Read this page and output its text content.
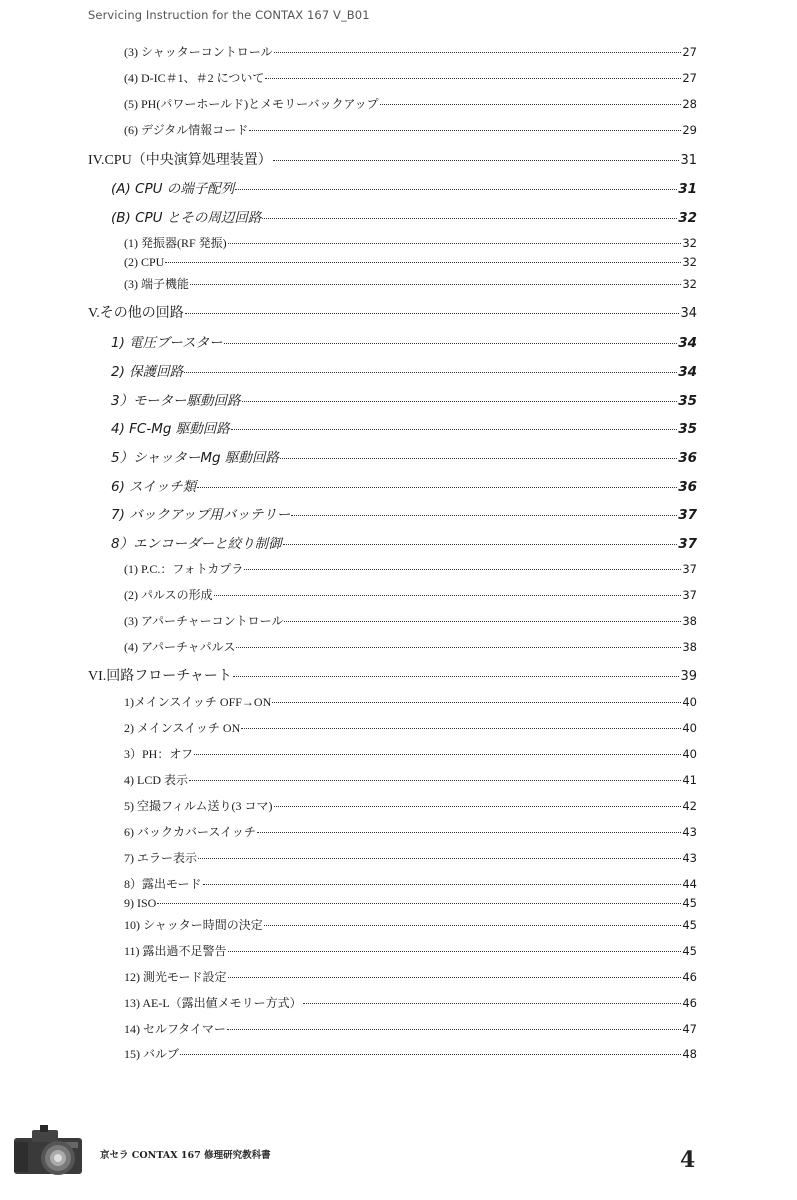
Servicing Instruction for the CONTAX 167 V_B01
(3) シャッターコントロール	27
(4) D-IC＃1、＃2 について	27
(5) PH(パワーホールド)とメモリーバックアップ	28
(6) デジタル情報コード	29
IV.CPU（中央演算処理装置）	31
(A) CPU の端子配列	31
(B) CPU とその周辺回路	32
(1) 発振器(RF 発振)	32
(2) CPU	32
(3) 端子機能	32
V.その他の回路	34
1) 電圧ブースター	34
2) 保護回路	34
3）モーター駆動回路	35
4) FC-Mg 駆動回路	35
5）シャッターMg 駆動回路	36
6) スイッチ類	36
7) バックアップ用バッテリー	37
8）エンコーダーと絞り制御	37
(1) P.C.：フォトカプラ	37
(2) パルスの形成	37
(3) アパーチャーコントロール	38
(4) アパーチャパルス	38
VI.回路フローチャート	39
1)メインスイッチ OFF→ON	40
2) メインスイッチ ON	40
3）PH：オフ	40
4) LCD 表示	41
5) 空撮フィルム送り(3 コマ)	42
6) バックカバースイッチ	43
7) エラー表示	43
8）露出モード	44
9) ISO	45
10) シャッター時間の決定	45
11) 露出過不足警告	45
12) 測光モード設定	46
13) AE-L（露出値メモリー方式）	46
14) セルフタイマー	47
15) バルブ	48
京セラ CONTAX 167 修理研究教科書	4
